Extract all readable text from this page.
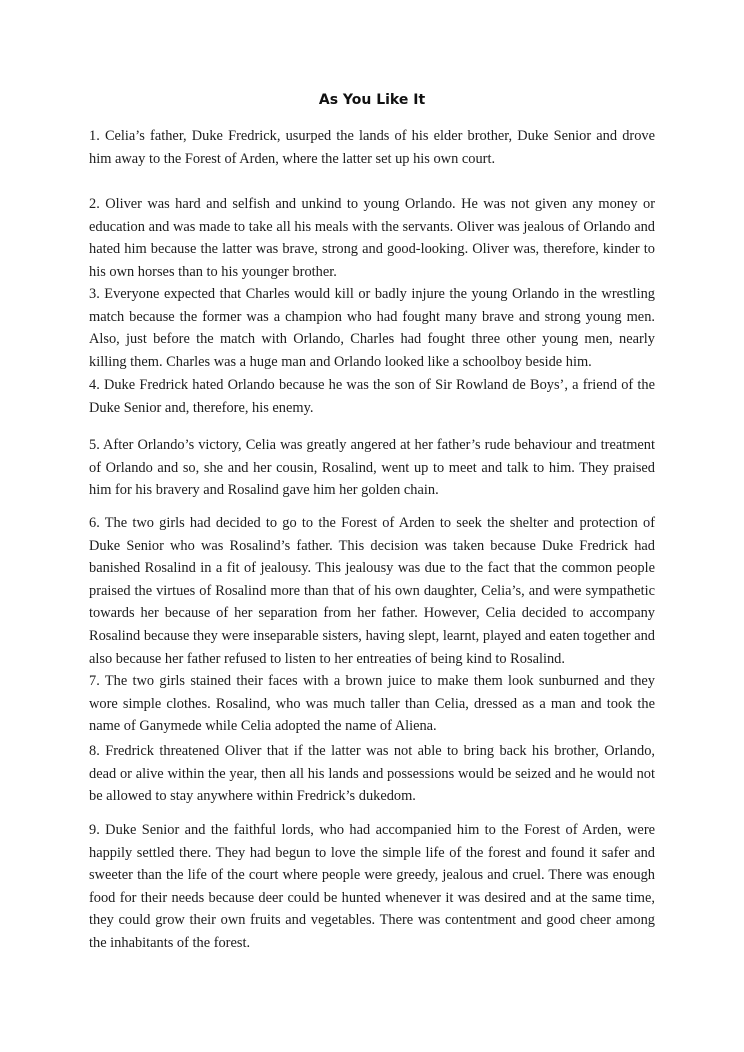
As You Like It

1. Celia’s father, Duke Fredrick, usurped the lands of his elder brother, Duke Senior and drove him away to the Forest of Arden, where the latter set up his own court.

2. Oliver was hard and selfish and unkind to young Orlando. He was not given any money or education and was made to take all his meals with the servants. Oliver was jealous of Orlando and hated him because the latter was brave, strong and good-looking. Oliver was, therefore, kinder to his own horses than to his younger brother.

3. Everyone expected that Charles would kill or badly injure the young Orlando in the wrestling match because the former was a champion who had fought many brave and strong young men. Also, just before the match with Orlando, Charles had fought three other young men, nearly killing them. Charles was a huge man and Orlando looked like a schoolboy beside him.

4. Duke Fredrick hated Orlando because he was the son of Sir Rowland de Boys’, a friend of the Duke Senior and, therefore, his enemy.

5. After Orlando’s victory, Celia was greatly angered at her father’s rude behaviour and treatment of Orlando and so, she and her cousin, Rosalind, went up to meet and talk to him. They praised him for his bravery and Rosalind gave him her golden chain.

6. The two girls had decided to go to the Forest of Arden to seek the shelter and protection of Duke Senior who was Rosalind’s father. This decision was taken because Duke Fredrick had banished Rosalind in a fit of jealousy. This jealousy was due to the fact that the common people praised the virtues of Rosalind more than that of his own daughter, Celia’s, and were sympathetic towards her because of her separation from her father. However, Celia decided to accompany Rosalind because they were inseparable sisters, having slept, learnt, played and eaten together and also because her father refused to listen to her entreaties of being kind to Rosalind.

7. The two girls stained their faces with a brown juice to make them look sunburned and they wore simple clothes. Rosalind, who was much taller than Celia, dressed as a man and took the name of Ganymede while Celia adopted the name of Aliena.

8. Fredrick threatened Oliver that if the latter was not able to bring back his brother, Orlando, dead or alive within the year, then all his lands and possessions would be seized and he would not be allowed to stay anywhere within Fredrick’s dukedom.

9. Duke Senior and the faithful lords, who had accompanied him to the Forest of Arden, were happily settled there. They had begun to love the simple life of the forest and found it safer and sweeter than the life of the court where people were greedy, jealous and cruel. There was enough food for their needs because deer could be hunted whenever it was desired and at the same time, they could grow their own fruits and vegetables. There was contentment and good cheer among the inhabitants of the forest.
